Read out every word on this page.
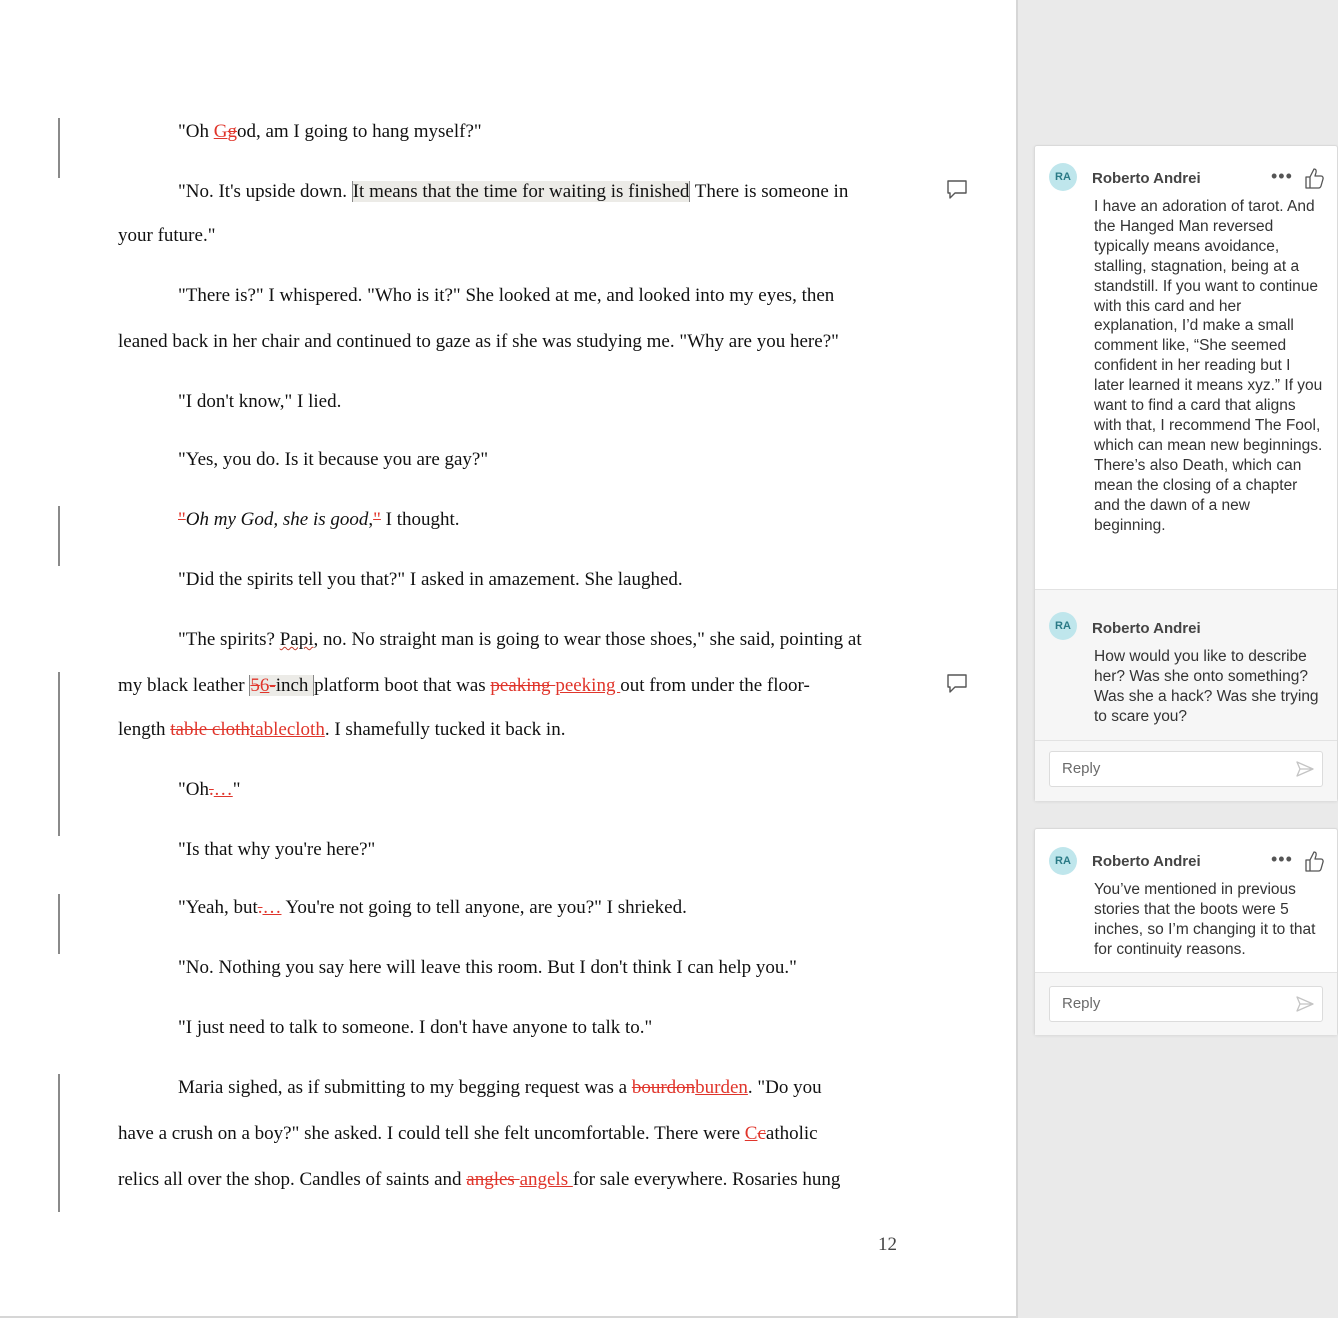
"Oh Ggod, am I going to hang myself?"
"No. It's upside down. It means that the time for waiting is finished There is someone in
your future."
"There is?" I whispered. "Who is it?" She looked at me, and looked into my eyes, then
leaned back in her chair and continued to gaze as if she was studying me. "Why are you here?"
"I don't know," I lied.
"Yes, you do. Is it because you are gay?"
"Oh my God, she is good," I thought.
"Did the spirits tell you that?" I asked in amazement. She laughed.
"The spirits? Papi, no. No straight man is going to wear those shoes," she said, pointing at
my black leather 56-inch platform boot that was peaking peeking out from under the floor-
length table clothtablecloth. I shamefully tucked it back in.
"Oh.…"
"Is that why you're here?"
"Yeah, but.… You're not going to tell anyone, are you?" I shrieked.
"No. Nothing you say here will leave this room. But I don't think I can help you."
"I just need to talk to someone. I don't have anyone to talk to."
Maria sighed, as if submitting to my begging request was a bourdonburden. "Do you
have a crush on a boy?" she asked. I could tell she felt uncomfortable. There were Ccatholic
relics all over the shop. Candles of saints and angles angels for sale everywhere. Rosaries hung
12
RA	Roberto Andrei	•••
I have an adoration of tarot. And the Hanged Man reversed typically means avoidance, stalling, stagnation, being at a standstill. If you want to continue with this card and her explanation, I’d make a small comment like, “She seemed confident in her reading but I later learned it means xyz.” If you want to find a card that aligns with that, I recommend The Fool, which can mean new beginnings. There’s also Death, which can mean the closing of a chapter and the dawn of a new beginning.
RA	Roberto Andrei
How would you like to describe her? Was she onto something? Was she a hack? Was she trying to scare you?
Reply
RA	Roberto Andrei	•••
You’ve mentioned in previous stories that the boots were 5 inches, so I’m changing it to that for continuity reasons.
Reply
